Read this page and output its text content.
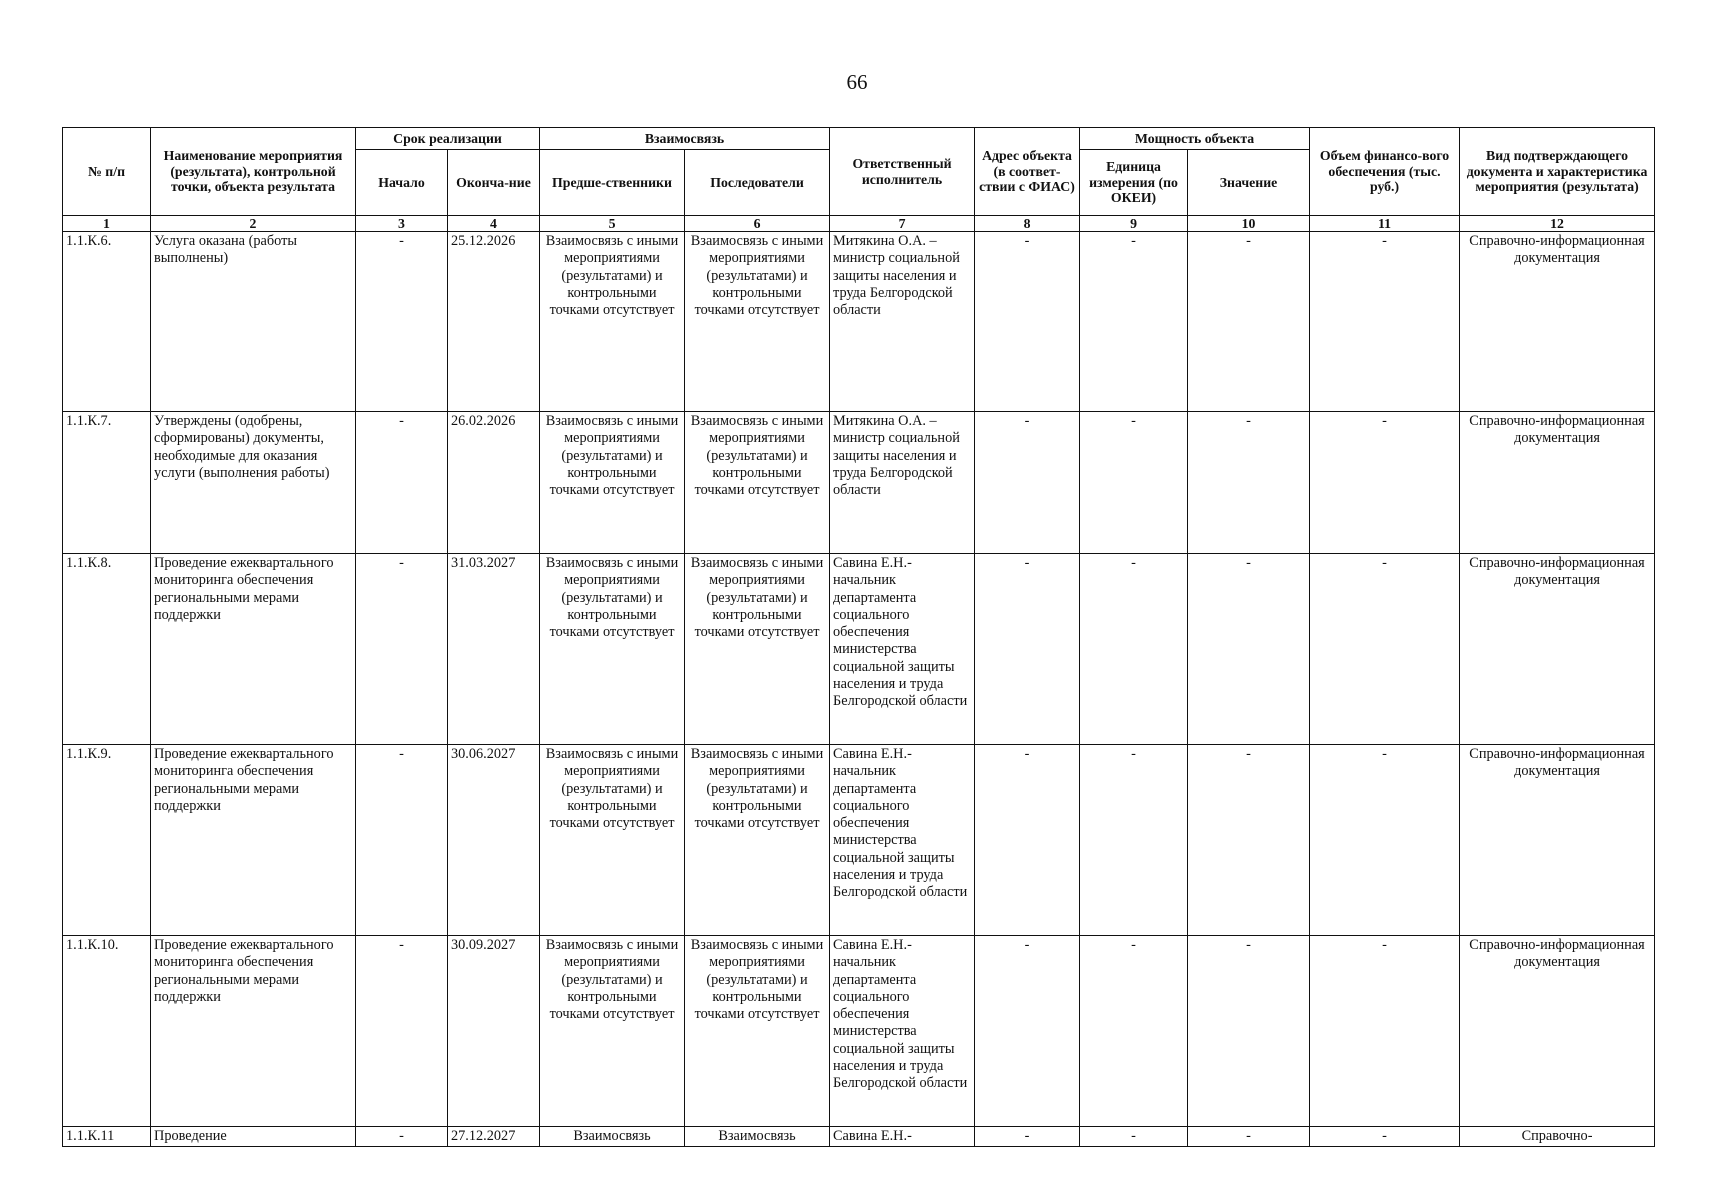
66
№ п/п	Наименование мероприятия (результата), контрольной точки, объекта результата	Срок реализации		Взаимосвязь		Ответственный исполнитель	Адрес объекта (в соответ-ствии с ФИАС)	Мощность объекта		Объем финансо-вого обеспечения (тыс. руб.)	Вид подтверждающего документа и характеристика мероприятия (результата)
		Начало	Оконча-ние	Предше-ственники	Последователи			Единица измерения (по ОКЕИ)	Значение		
1	2	3	4	5	6	7	8	9	10	11	12
1.1.К.6.	Услуга оказана (работы выполнены)	-	25.12.2026	Взаимосвязь с иными мероприятиями (результатами) и контрольными точками отсутствует	Взаимосвязь с иными мероприятиями (результатами) и контрольными точками отсутствует	Митякина О.А. – министр социальной защиты населения и труда Белгородской области	-	-	-	-	Справочно-информационная документация
1.1.К.7.	Утверждены (одобрены, сформированы) документы, необходимые для оказания услуги (выполнения работы)	-	26.02.2026	Взаимосвязь с иными мероприятиями (результатами) и контрольными точками отсутствует	Взаимосвязь с иными мероприятиями (результатами) и контрольными точками отсутствует	Митякина О.А. – министр социальной защиты населения и труда Белгородской области	-	-	-	-	Справочно-информационная документация
1.1.К.8.	Проведение ежеквартального мониторинга обеспечения региональными мерами поддержки	-	31.03.2027	Взаимосвязь с иными мероприятиями (результатами) и контрольными точками отсутствует	Взаимосвязь с иными мероприятиями (результатами) и контрольными точками отсутствует	Савина Е.Н.- начальник департамента социального обеспечения министерства социальной защиты населения и труда Белгородской области	-	-	-	-	Справочно-информационная документация
1.1.К.9.	Проведение ежеквартального мониторинга обеспечения региональными мерами поддержки	-	30.06.2027	Взаимосвязь с иными мероприятиями (результатами) и контрольными точками отсутствует	Взаимосвязь с иными мероприятиями (результатами) и контрольными точками отсутствует	Савина Е.Н.- начальник департамента социального обеспечения министерства социальной защиты населения и труда Белгородской области	-	-	-	-	Справочно-информационная документация
1.1.К.10.	Проведение ежеквартального мониторинга обеспечения региональными мерами поддержки	-	30.09.2027	Взаимосвязь с иными мероприятиями (результатами) и контрольными точками отсутствует	Взаимосвязь с иными мероприятиями (результатами) и контрольными точками отсутствует	Савина Е.Н.- начальник департамента социального обеспечения министерства социальной защиты населения и труда Белгородской области	-	-	-	-	Справочно-информационная документация
1.1.К.11	Проведение	-	27.12.2027	Взаимосвязь	Взаимосвязь	Савина Е.Н.-	-	-	-	-	Справочно-
